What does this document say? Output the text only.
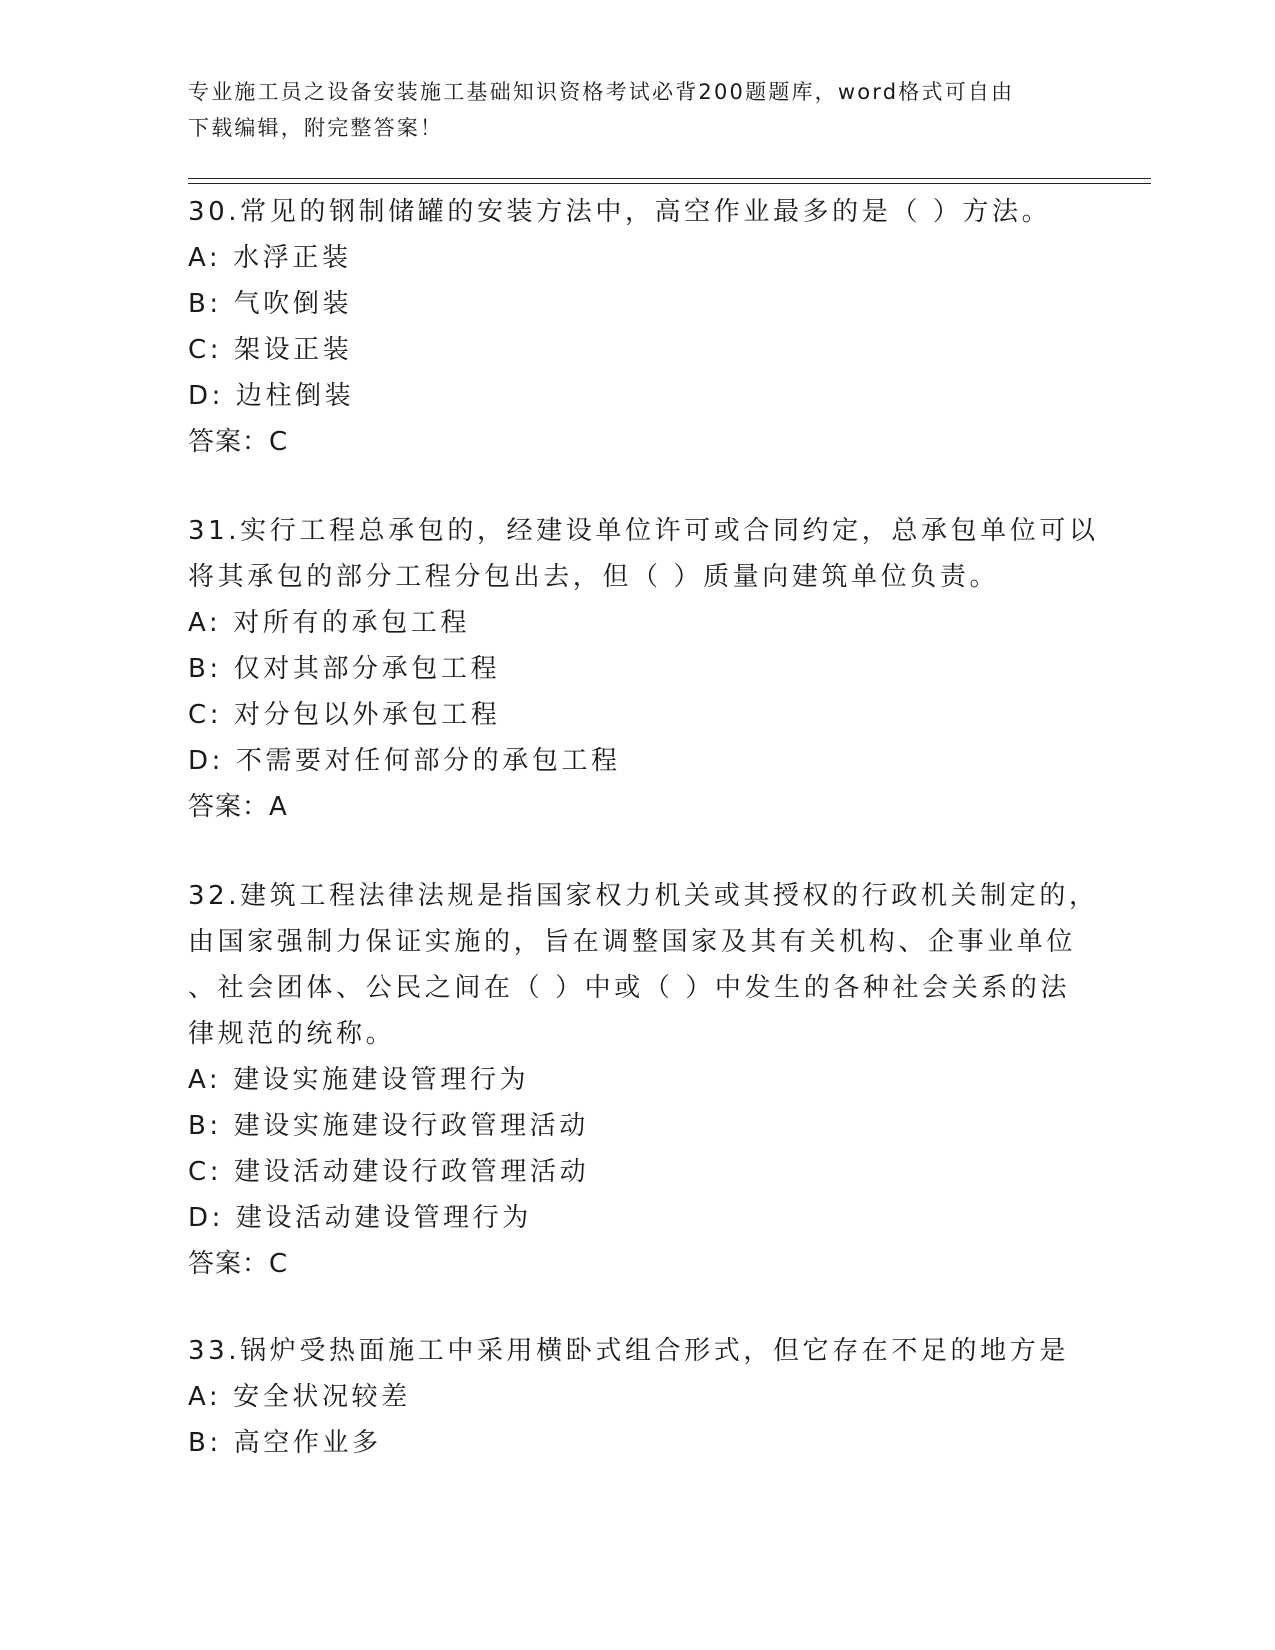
专业施工员之设备安装施工基础知识资格考试必背200题题库，word格式可自由
下载编辑，附完整答案！
30.常见的钢制储罐的安装方法中，高空作业最多的是（ ）方法。
A: 水浮正装
B: 气吹倒装
C: 架设正装
D: 边柱倒装
答案：C
31.实行工程总承包的，经建设单位许可或合同约定，总承包单位可以
将其承包的部分工程分包出去，但（ ）质量向建筑单位负责。
A: 对所有的承包工程
B: 仅对其部分承包工程
C: 对分包以外承包工程
D: 不需要对任何部分的承包工程
答案：A
32.建筑工程法律法规是指国家权力机关或其授权的行政机关制定的，
由国家强制力保证实施的，旨在调整国家及其有关机构、企事业单位
、社会团体、公民之间在（ ）中或（ ）中发生的各种社会关系的法
律规范的统称。
A: 建设实施建设管理行为
B: 建设实施建设行政管理活动
C: 建设活动建设行政管理活动
D: 建设活动建设管理行为
答案：C
33.锅炉受热面施工中采用横卧式组合形式，但它存在不足的地方是
A: 安全状况较差
B: 高空作业多
